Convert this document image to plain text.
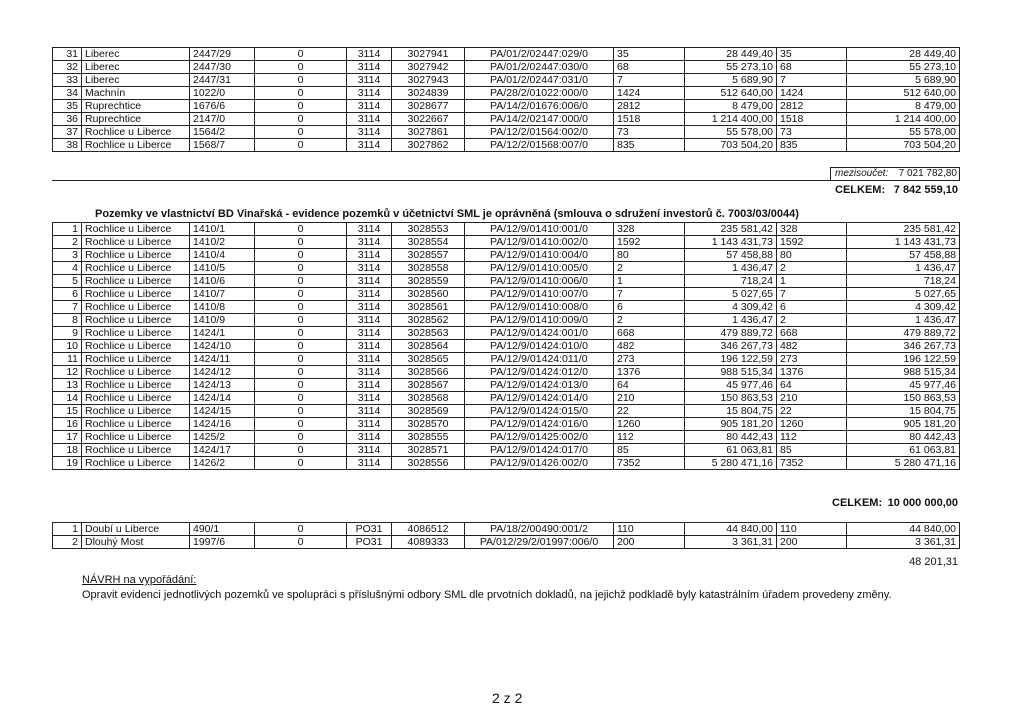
31	Liberec	2447/29	0	3114	3027941	PA/01/2/02447:029/0	35	28 449,40	35	28 449,40
32	Liberec	2447/30	0	3114	3027942	PA/01/2/02447:030/0	68	55 273,10	68	55 273,10
33	Liberec	2447/31	0	3114	3027943	PA/01/2/02447:031/0	7	5 689,90	7	5 689,90
34	Machnín	1022/0	0	3114	3024839	PA/28/2/01022:000/0	1424	512 640,00	1424	512 640,00
35	Ruprechtice	1676/6	0	3114	3028677	PA/14/2/01676:006/0	2812	8 479,00	2812	8 479,00
36	Ruprechtice	2147/0	0	3114	3022667	PA/14/2/02147:000/0	1518	1 214 400,00	1518	1 214 400,00
37	Rochlice u Liberce	1564/2	0	3114	3027861	PA/12/2/01564:002/0	73	55 578,00	73	55 578,00
38	Rochlice u Liberce	1568/7	0	3114	3027862	PA/12/2/01568:007/0	835	703 504,20	835	703 504,20
mezisoučet: 7 021 782,80
CELKEM: 7 842 559,10
Pozemky ve vlastnictví BD Vinařská - evidence pozemků v účetnictví SML je oprávněná (smlouva o sdružení investorů č. 7003/03/0044)
1	Rochlice u Liberce	1410/1	0	3114	3028553	PA/12/9/01410:001/0	328	235 581,42	328	235 581,42
2	Rochlice u Liberce	1410/2	0	3114	3028554	PA/12/9/01410:002/0	1592	1 143 431,73	1592	1 143 431,73
3	Rochlice u Liberce	1410/4	0	3114	3028557	PA/12/9/01410:004/0	80	57 458,88	80	57 458,88
4	Rochlice u Liberce	1410/5	0	3114	3028558	PA/12/9/01410:005/0	2	1 436,47	2	1 436,47
5	Rochlice u Liberce	1410/6	0	3114	3028559	PA/12/9/01410:006/0	1	718,24	1	718,24
6	Rochlice u Liberce	1410/7	0	3114	3028560	PA/12/9/01410:007/0	7	5 027,65	7	5 027,65
7	Rochlice u Liberce	1410/8	0	3114	3028561	PA/12/9/01410:008/0	6	4 309,42	6	4 309,42
8	Rochlice u Liberce	1410/9	0	3114	3028562	PA/12/9/01410:009/0	2	1 436,47	2	1 436,47
9	Rochlice u Liberce	1424/1	0	3114	3028563	PA/12/9/01424:001/0	668	479 889,72	668	479 889,72
10	Rochlice u Liberce	1424/10	0	3114	3028564	PA/12/9/01424:010/0	482	346 267,73	482	346 267,73
11	Rochlice u Liberce	1424/11	0	3114	3028565	PA/12/9/01424:011/0	273	196 122,59	273	196 122,59
12	Rochlice u Liberce	1424/12	0	3114	3028566	PA/12/9/01424:012/0	1376	988 515,34	1376	988 515,34
13	Rochlice u Liberce	1424/13	0	3114	3028567	PA/12/9/01424:013/0	64	45 977,46	64	45 977,46
14	Rochlice u Liberce	1424/14	0	3114	3028568	PA/12/9/01424:014/0	210	150 863,53	210	150 863,53
15	Rochlice u Liberce	1424/15	0	3114	3028569	PA/12/9/01424:015/0	22	15 804,75	22	15 804,75
16	Rochlice u Liberce	1424/16	0	3114	3028570	PA/12/9/01424:016/0	1260	905 181,20	1260	905 181,20
17	Rochlice u Liberce	1425/2	0	3114	3028555	PA/12/9/01425:002/0	112	80 442,43	112	80 442,43
18	Rochlice u Liberce	1424/17	0	3114	3028571	PA/12/9/01424:017/0	85	61 063,81	85	61 063,81
19	Rochlice u Liberce	1426/2	0	3114	3028556	PA/12/9/01426:002/0	7352	5 280 471,16	7352	5 280 471,16
CELKEM: 10 000 000,00
1	Doubí u Liberce	490/1	0	PO31	4086512	PA/18/2/00490:001/2	110	44 840,00	110	44 840,00
2	Dlouhý Most	1997/6	0	PO31	4089333	PA/012/29/2/01997:006/0	200	3 361,31	200	3 361,31
48 201,31
NÁVRH na vypořádání:
Opravit evidenci jednotlivých pozemků ve spolupráci s příslušnými odbory SML dle prvotních dokladů, na jejichž podkladě byly katastrálním úřadem provedeny změny.
2 z 2
